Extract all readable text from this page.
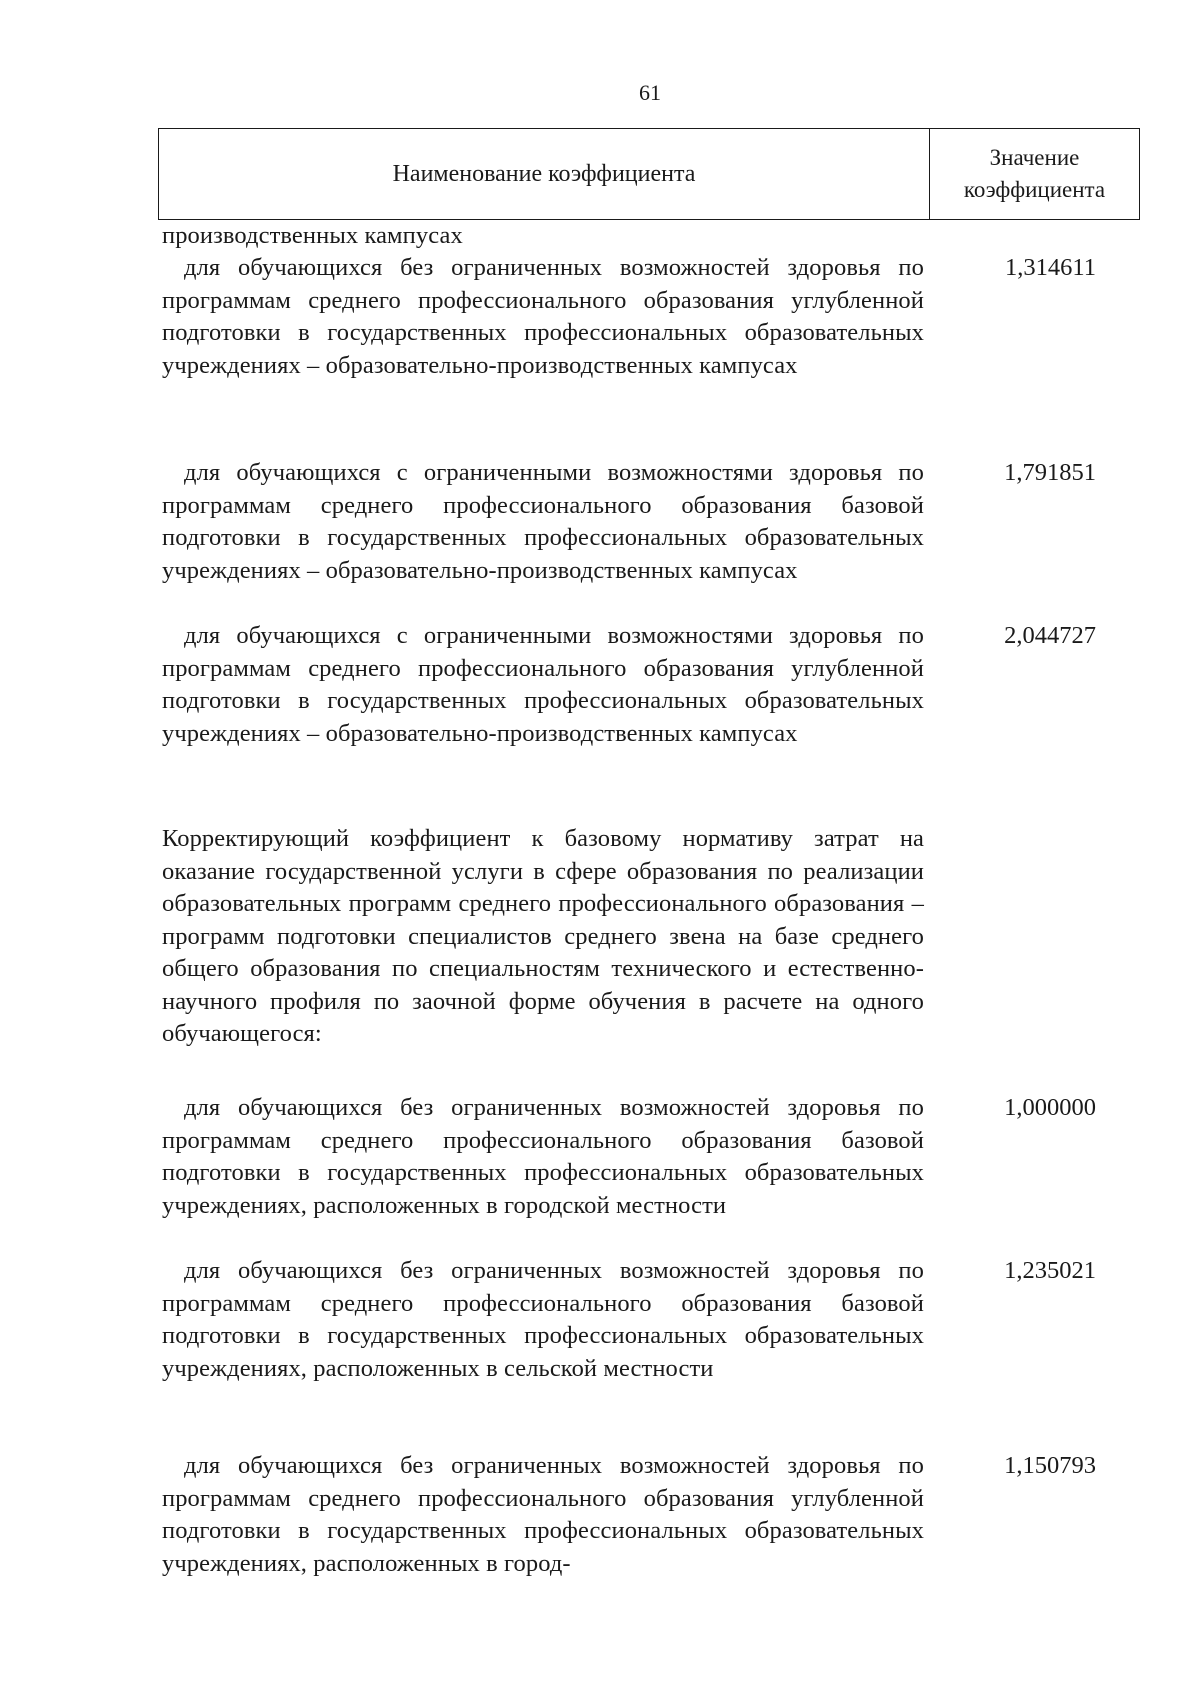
61
Наименование коэффициента
Значение
коэффициента

производственных кампусах

для обучающихся без ограниченных возможностей здоровья по программам среднего профессионального образования углубленной подготовки в государственных профессиональных образовательных учреждениях – образовательно-производственных кампусах

1,314611

для обучающихся с ограниченными возможностями здоровья по программам среднего профессионального образования базовой подготовки в государственных профессиональных образовательных учреждениях – образовательно-производственных кампусах

1,791851

для обучающихся с ограниченными возможностями здоровья по программам среднего профессионального образования углубленной подготовки в государственных профессиональных образовательных учреждениях – образовательно-производственных кампусах

2,044727

Корректирующий коэффициент к базовому нормативу затрат на оказание государственной услуги в сфере образования по реализации образовательных программ среднего профессионального образования – программ подготовки специалистов среднего звена на базе среднего общего образования по специальностям технического и естественно-научного профиля по заочной форме обучения в расчете на одного обучающегося:

для обучающихся без ограниченных возможностей здоровья по программам среднего профессионального образования базовой подготовки в государственных профессиональных образовательных учреждениях, расположенных в городской местности

1,000000

для обучающихся без ограниченных возможностей здоровья по программам среднего профессионального образования базовой подготовки в государственных профессиональных образовательных учреждениях, расположенных в сельской местности

1,235021

для обучающихся без ограниченных возможностей здоровья по программам среднего профессионального образования углубленной подготовки в государственных профессиональных образовательных учреждениях, расположенных в город-

1,150793
